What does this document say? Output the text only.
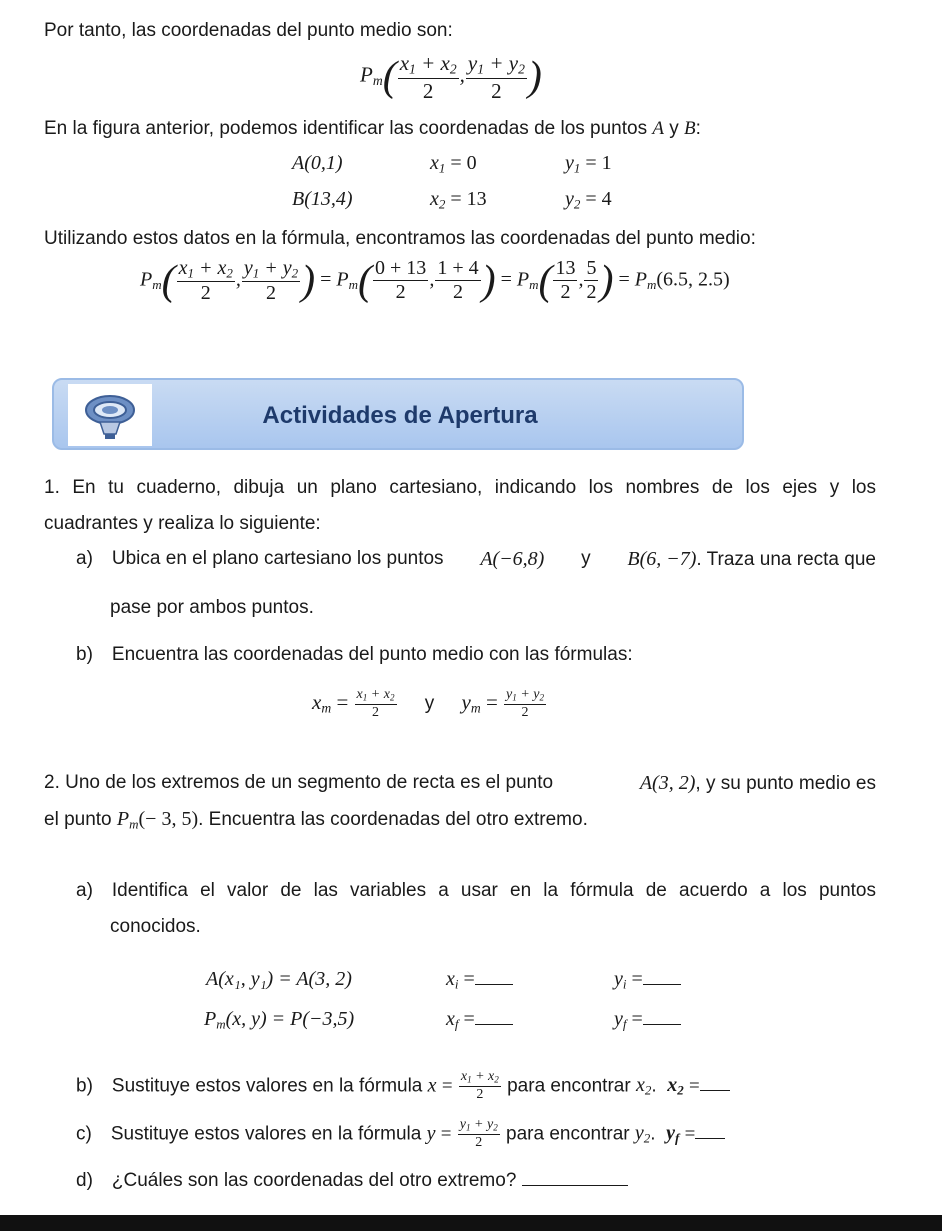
Por tanto, las coordenadas del punto medio son:
$P_m( \frac{x_1 + x_2}{2}$ , $\frac{y_1 + y_2}{2}$ )
En la figura anterior, podemos identificar las coordenadas de los puntos A y B:
A(0,1)	$x_1 = 0$	$y_1 = 1$
B(13,4)	$x_2 = 13$	$y_2 = 4$
Utilizando estos datos en la fórmula, encontramos las coordenadas del punto medio:
$P_m( \frac{x_1 + x_2}{2}$ , $\frac{y_1 + y_2}{2}$ ) = $P_m( \frac{0 + 13}{2}$ , $\frac{1 + 4}{2}$ ) = $P_m( \frac{13}{2}$ , $\frac{5}{2}$ ) = $P_m(6.5$, 2.5)
Actividades de Apertura
1. En tu cuaderno, dibuja un plano cartesiano, indicando los nombres de los ejes y los
cuadrantes y realiza lo siguiente:
a) Ubica en el plano cartesiano los puntos A(−6,8) y B(6, −7). Traza una recta que
pase por ambos puntos.
b) Encuentra las coordenadas del punto medio con las fórmulas:
$x_m = \frac{x_1 + x_2}{2}$ y $y_m = \frac{y_1 + y_2}{2}$
2. Uno de los extremos de un segmento de recta es el punto	A(3, 2), y su punto medio es
el punto $P_m(- 3$, 5). Encuentra las coordenadas del otro extremo.
a) Identifica el valor de las variables a usar en la fórmula de acuerdo a los puntos
conocidos.
A(x₁, y₁) = A(3, 2)	$x_i$ =	$y_i$ =
$P_m(x$, y) = P(−3,5)	$x_f$ =	$y_f$ =
b) Sustituye estos valores en la fórmula $x = \frac{x_1 + x_2}{2}$ para encontrar $x_2$.  $x_2$ =
c) Sustituye estos valores en la fórmula $y = \frac{y_1 + y_2}{2}$ para encontrar $y_2$.  $y_f$ =
d) ¿Cuáles son las coordenadas del otro extremo?
